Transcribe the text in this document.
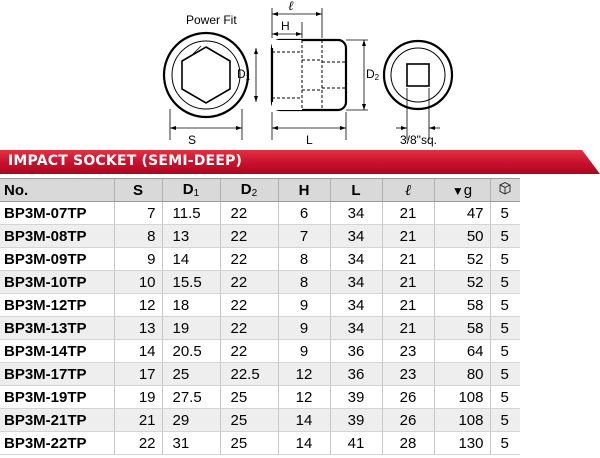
Power Fit
S
ℓ
H
D1	D2
L	3/8"sq.
IMPACT SOCKET (SEMI-DEEP)
No.	S	$D_1$	$D_2$	H	L	ℓ	▼g	
BP3M-07TP	7	11.5	22	6	34	21	47	5
BP3M-08TP	8	13	22	7	34	21	50	5
BP3M-09TP	9	14	22	8	34	21	52	5
BP3M-10TP	10	15.5	22	8	34	21	52	5
BP3M-12TP	12	18	22	9	34	21	58	5
BP3M-13TP	13	19	22	9	34	21	58	5
BP3M-14TP	14	20.5	22	9	36	23	64	5
BP3M-17TP	17	25	22.5	12	36	23	80	5
BP3M-19TP	19	27.5	25	12	39	26	108	5
BP3M-21TP	21	29	25	14	39	26	108	5
BP3M-22TP	22	31	25	14	41	28	130	5
